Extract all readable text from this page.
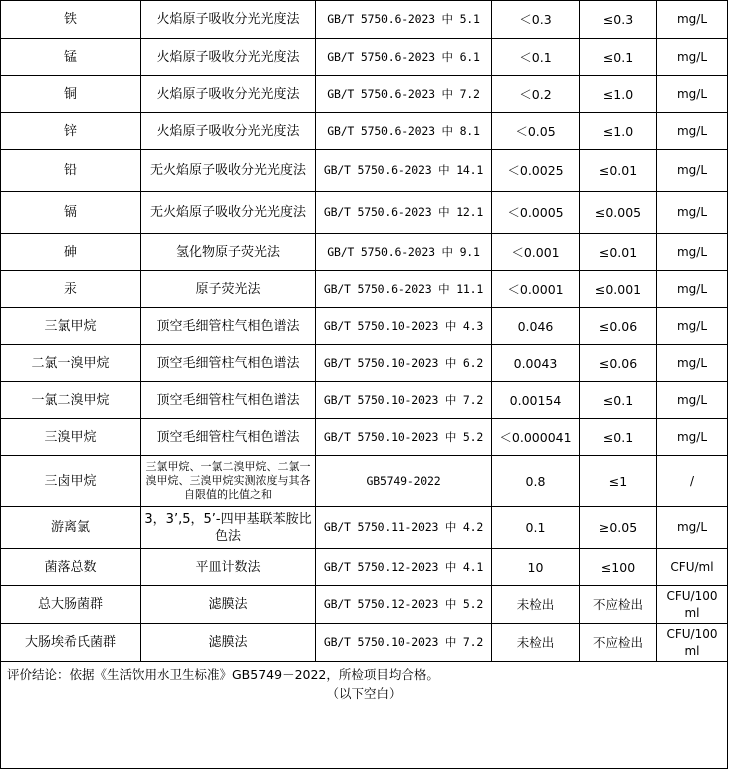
铁	火焰原子吸收分光光度法	GB/T 5750.6-2023 中 5.1	＜0.3	≤0.3	mg/L
锰	火焰原子吸收分光光度法	GB/T 5750.6-2023 中 6.1	＜0.1	≤0.1	mg/L
铜	火焰原子吸收分光光度法	GB/T 5750.6-2023 中 7.2	＜0.2	≤1.0	mg/L
锌	火焰原子吸收分光光度法	GB/T 5750.6-2023 中 8.1	＜0.05	≤1.0	mg/L
铅	无火焰原子吸收分光光度法	GB/T 5750.6-2023 中 14.1	＜0.0025	≤0.01	mg/L
镉	无火焰原子吸收分光光度法	GB/T 5750.6-2023 中 12.1	＜0.0005	≤0.005	mg/L
砷	氢化物原子荧光法	GB/T 5750.6-2023 中 9.1	＜0.001	≤0.01	mg/L
汞	原子荧光法	GB/T 5750.6-2023 中 11.1	＜0.0001	≤0.001	mg/L
三氯甲烷	顶空毛细管柱气相色谱法	GB/T 5750.10-2023 中 4.3	0.046	≤0.06	mg/L
二氯一溴甲烷	顶空毛细管柱气相色谱法	GB/T 5750.10-2023 中 6.2	0.0043	≤0.06	mg/L
一氯二溴甲烷	顶空毛细管柱气相色谱法	GB/T 5750.10-2023 中 7.2	0.00154	≤0.1	mg/L
三溴甲烷	顶空毛细管柱气相色谱法	GB/T 5750.10-2023 中 5.2	＜0.000041	≤0.1	mg/L
三卤甲烷	三氯甲烷、一氯二溴甲烷、二氯一溴甲烷、三溴甲烷实测浓度与其各自限值的比值之和	GB5749-2022	0.8	≤1	/
游离氯	3，3’,5，5’-四甲基联苯胺比色法	GB/T 5750.11-2023 中 4.2	0.1	≥0.05	mg/L
菌落总数	平皿计数法	GB/T 5750.12-2023 中 4.1	10	≤100	CFU/ml
总大肠菌群	滤膜法	GB/T 5750.12-2023 中 5.2	未检出	不应检出	CFU/100 ml
大肠埃希氏菌群	滤膜法	GB/T 5750.10-2023 中 7.2	未检出	不应检出	CFU/100 ml

评价结论：依据《生活饮用水卫生标准》GB5749－2022，所检项目均合格。
（以下空白）					
